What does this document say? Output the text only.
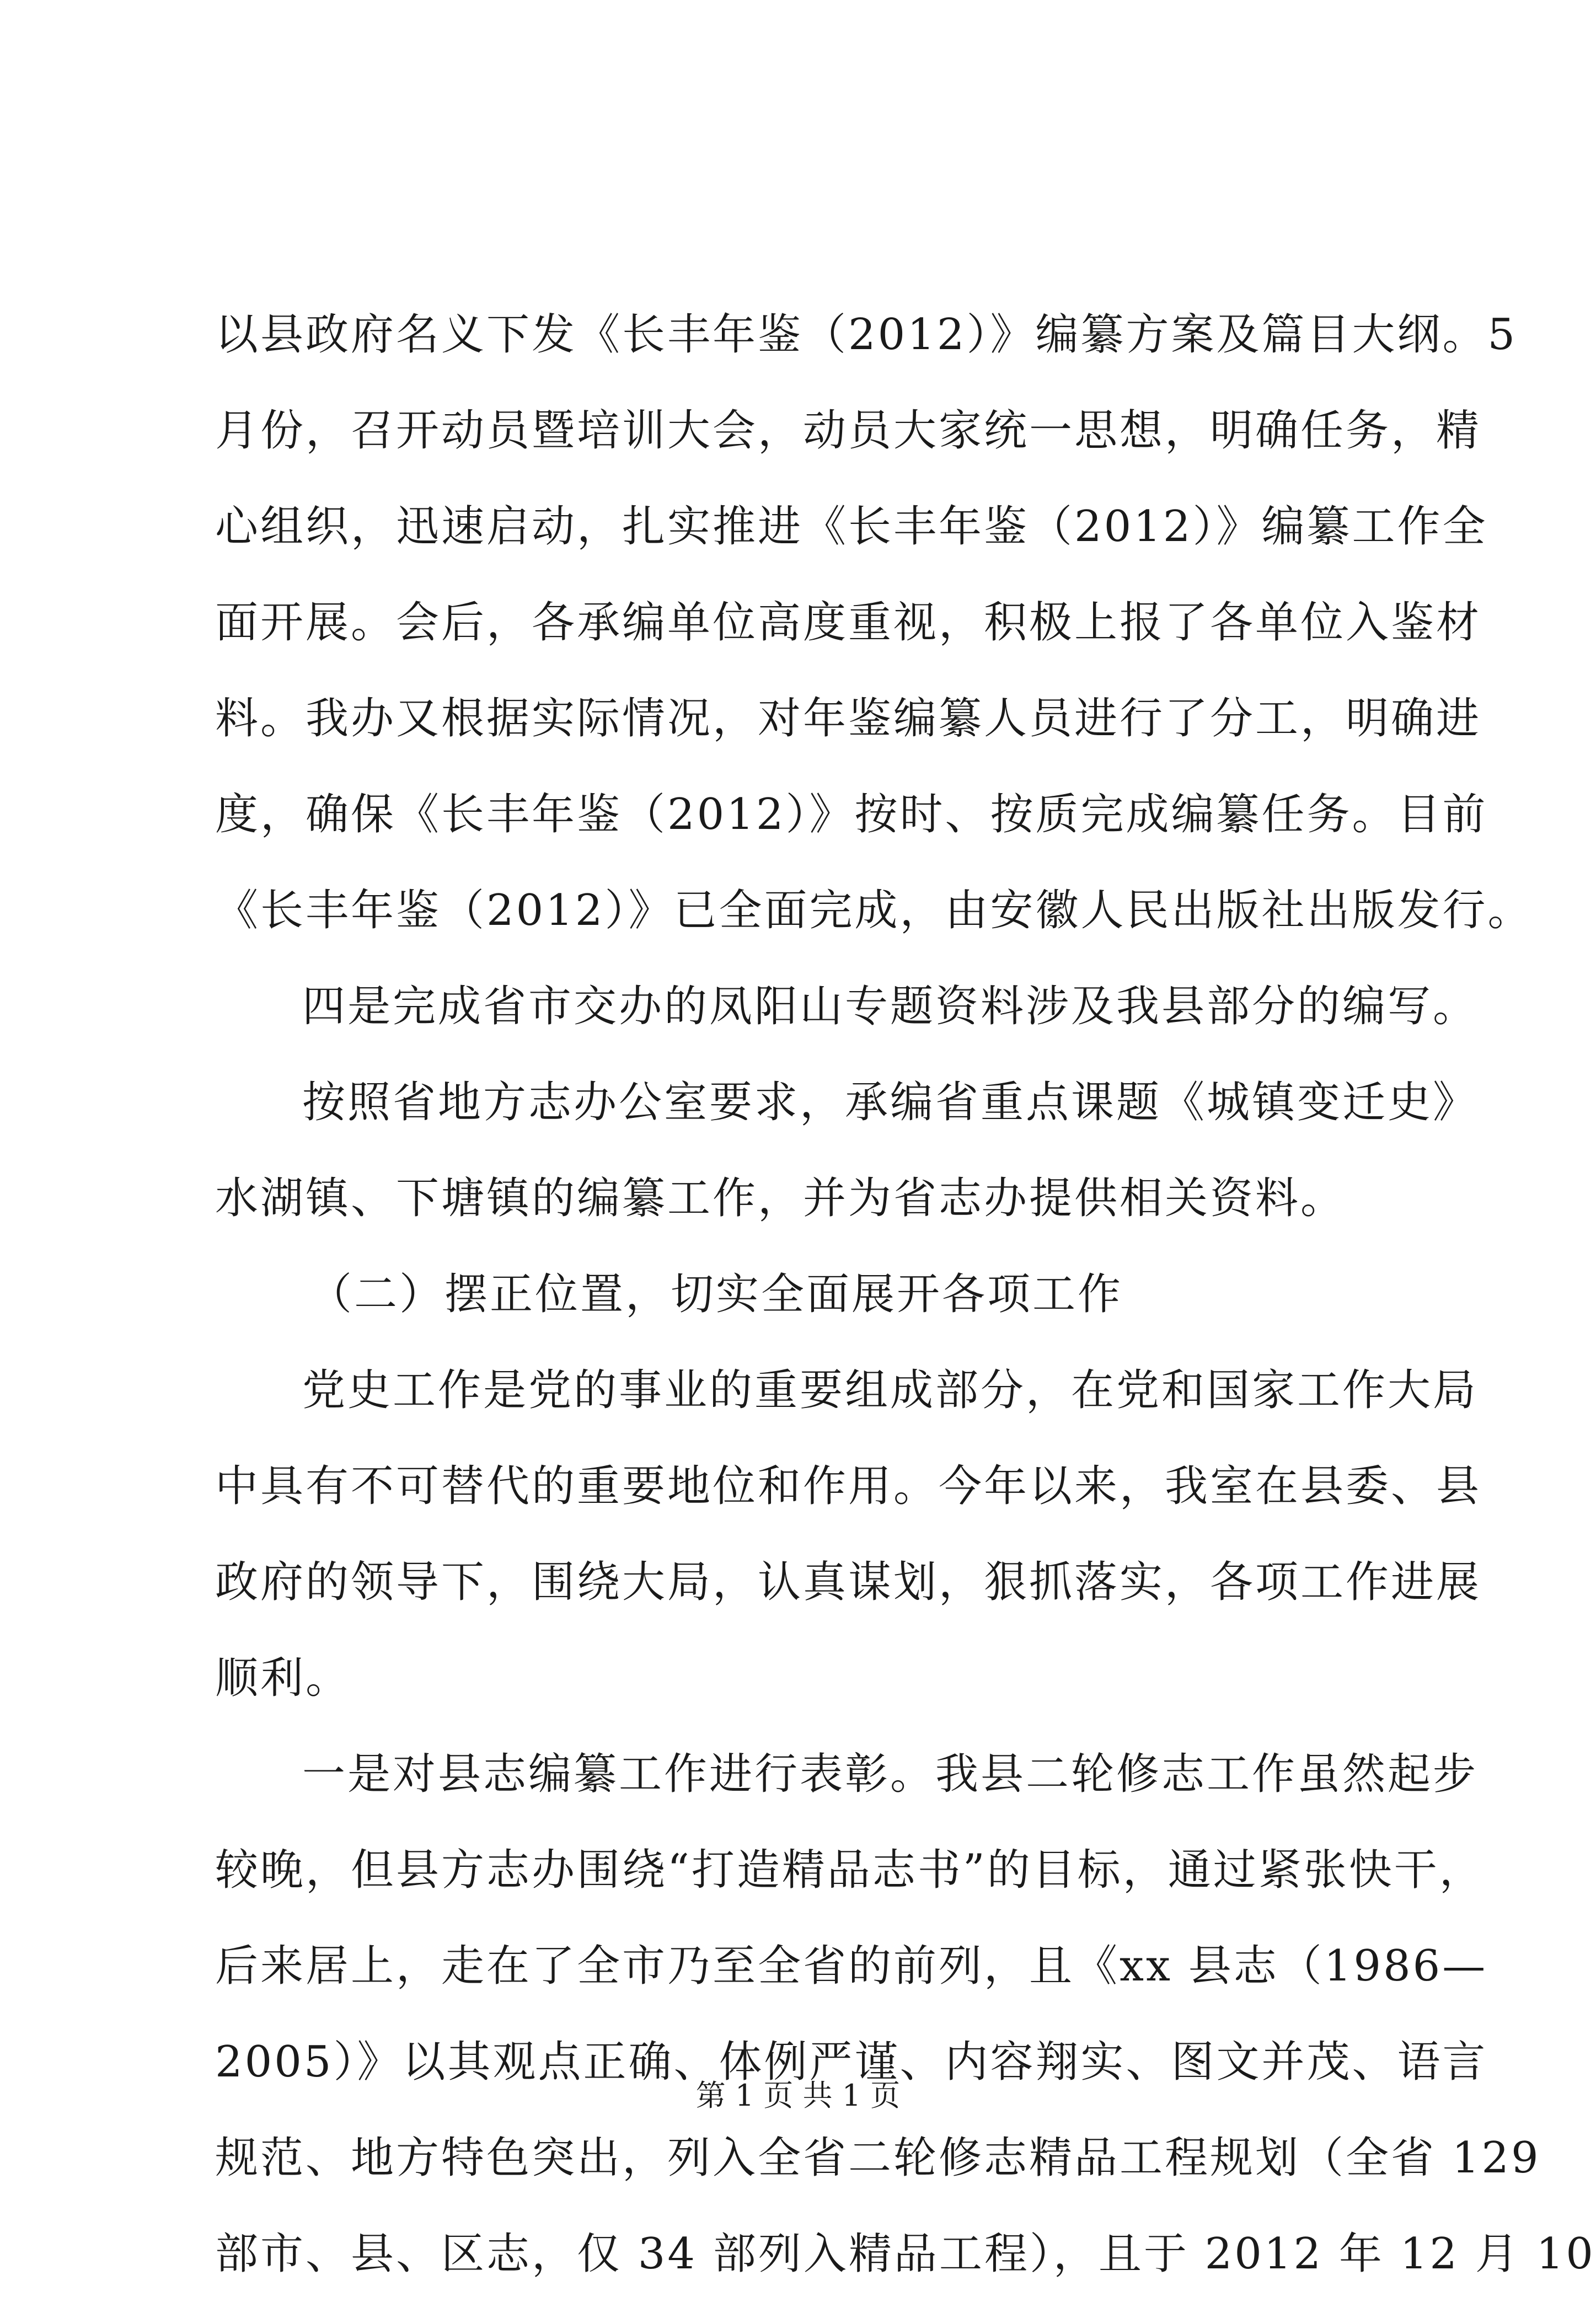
以县政府名义下发《长丰年鉴（2012）》编纂方案及篇目大纲。5
月份，召开动员暨培训大会，动员大家统一思想，明确任务，精
心组织，迅速启动，扎实推进《长丰年鉴（2012）》编纂工作全
面开展。会后，各承编单位高度重视，积极上报了各单位入鉴材
料。我办又根据实际情况，对年鉴编纂人员进行了分工，明确进
度，确保《长丰年鉴（2012）》按时、按质完成编纂任务。目前
《长丰年鉴（2012）》已全面完成，由安徽人民出版社出版发行。
四是完成省市交办的凤阳山专题资料涉及我县部分的编写。
按照省地方志办公室要求，承编省重点课题《城镇变迁史》
水湖镇、下塘镇的编纂工作，并为省志办提供相关资料。
（二）摆正位置，切实全面展开各项工作
党史工作是党的事业的重要组成部分，在党和国家工作大局
中具有不可替代的重要地位和作用。今年以来，我室在县委、县
政府的领导下，围绕大局，认真谋划，狠抓落实，各项工作进展
顺利。
一是对县志编纂工作进行表彰。我县二轮修志工作虽然起步
较晚，但县方志办围绕“打造精品志书”的目标，通过紧张快干，
后来居上，走在了全市乃至全省的前列，且《xx 县志（1986—
2005）》以其观点正确、体例严谨、内容翔实、图文并茂、语言
规范、地方特色突出，列入全省二轮修志精品工程规划（全省 129
部市、县、区志，仅 34 部列入精品工程），且于 2012 年 12 月 10
第 1 页 共 1 页
